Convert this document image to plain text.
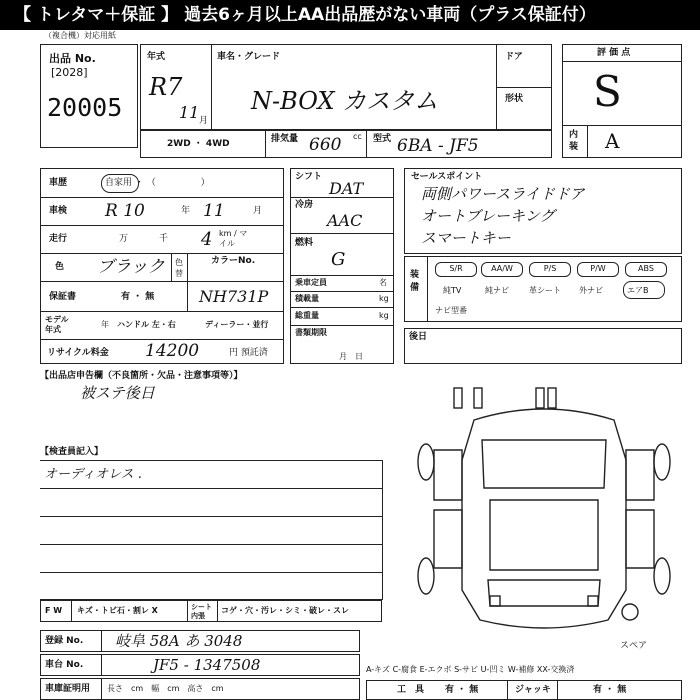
【 トレタマ＋保証 】 過去6ヶ月以上AA出品歴がない車両（プラス保証付）
（複合機）対応用紙
出品 No.
[2028]
20005
年式
R7
11 月
車名・グレード
N-BOX カスタム
ドア
形状
評 価 点
S
内装 A
2WD ・ 4WD	排気量 660 cc 型式 6BA - JF5
車歴	自家用 ・ （　　　　　）
車検 R 10	年 11	月
走行	万	千 4 km / マイル
色 ブラック 色替
カラーNo.
保証書	有 ・ 無	NH731P
モデル 年式
年 ハンドル 左・右	ディーラー・並行
リサイクル料金 14200	円 預託済
シフト
DAT
冷房
AAC
燃料
G
乗車定員	名
積載量	kg
総重量	kg
書類期限
月　日
セールスポイント
両側パワースライドドア
オートブレーキング
スマートキー
装備
S/R	AA/W	P/S	P/W	ABS
純TV	純ナビ	革シート 外ナビ	エアB
ナビ型番
後日
【出品店申告欄（不良箇所・欠品・注意事項等）】
被ステ後日
【検査員記入】
オーディオレス .
スペア
F W キズ・トビ石・割レ X	シート 内張
コゲ・穴・汚レ・シミ・破レ・スレ
登録 No. 岐阜 58A あ 3048
車台 No.	JF5 - 1347508
車庫証明用 長さ　cm　幅　cm　高さ　cm
A-キズ C-腐食 E-エクボ S-サビ U-凹ミ W-補修 XX-交換済
工　具 有 ・ 無	ジャッキ	有 ・ 無
